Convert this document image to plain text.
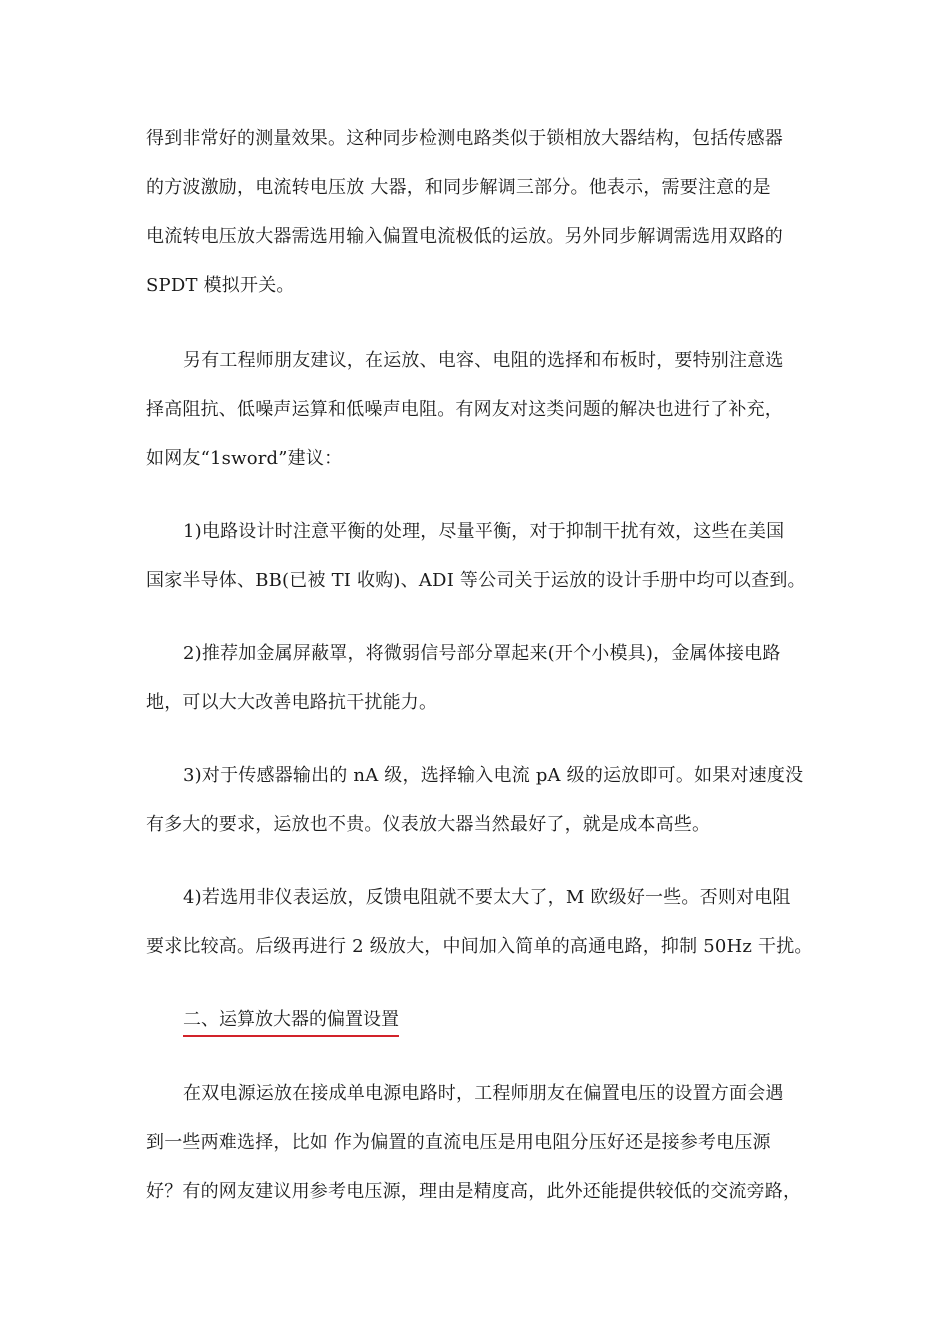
得到非常好的测量效果。这种同步检测电路类似于锁相放大器结构，包括传感器
的方波激励，电流转电压放 大器，和同步解调三部分。他表示，需要注意的是
电流转电压放大器需选用输入偏置电流极低的运放。另外同步解调需选用双路的
SPDT 模拟开关。
另有工程师朋友建议，在运放、电容、电阻的选择和布板时，要特别注意选
择高阻抗、低噪声运算和低噪声电阻。有网友对这类问题的解决也进行了补充，
如网友“1sword”建议：
1)电路设计时注意平衡的处理，尽量平衡，对于抑制干扰有效，这些在美国
国家半导体、BB(已被 TI 收购)、ADI 等公司关于运放的设计手册中均可以查到。
2)推荐加金属屏蔽罩，将微弱信号部分罩起来(开个小模具)，金属体接电路
地，可以大大改善电路抗干扰能力。
3)对于传感器输出的 nA 级，选择输入电流 pA 级的运放即可。如果对速度没
有多大的要求，运放也不贵。仪表放大器当然最好了，就是成本高些。
4)若选用非仪表运放，反馈电阻就不要太大了，M 欧级好一些。否则对电阻
要求比较高。后级再进行 2 级放大，中间加入简单的高通电路，抑制 50Hz 干扰。
二、运算放大器的偏置设置
在双电源运放在接成单电源电路时，工程师朋友在偏置电压的设置方面会遇
到一些两难选择，比如 作为偏置的直流电压是用电阻分压好还是接参考电压源
好？有的网友建议用参考电压源，理由是精度高，此外还能提供较低的交流旁路，
